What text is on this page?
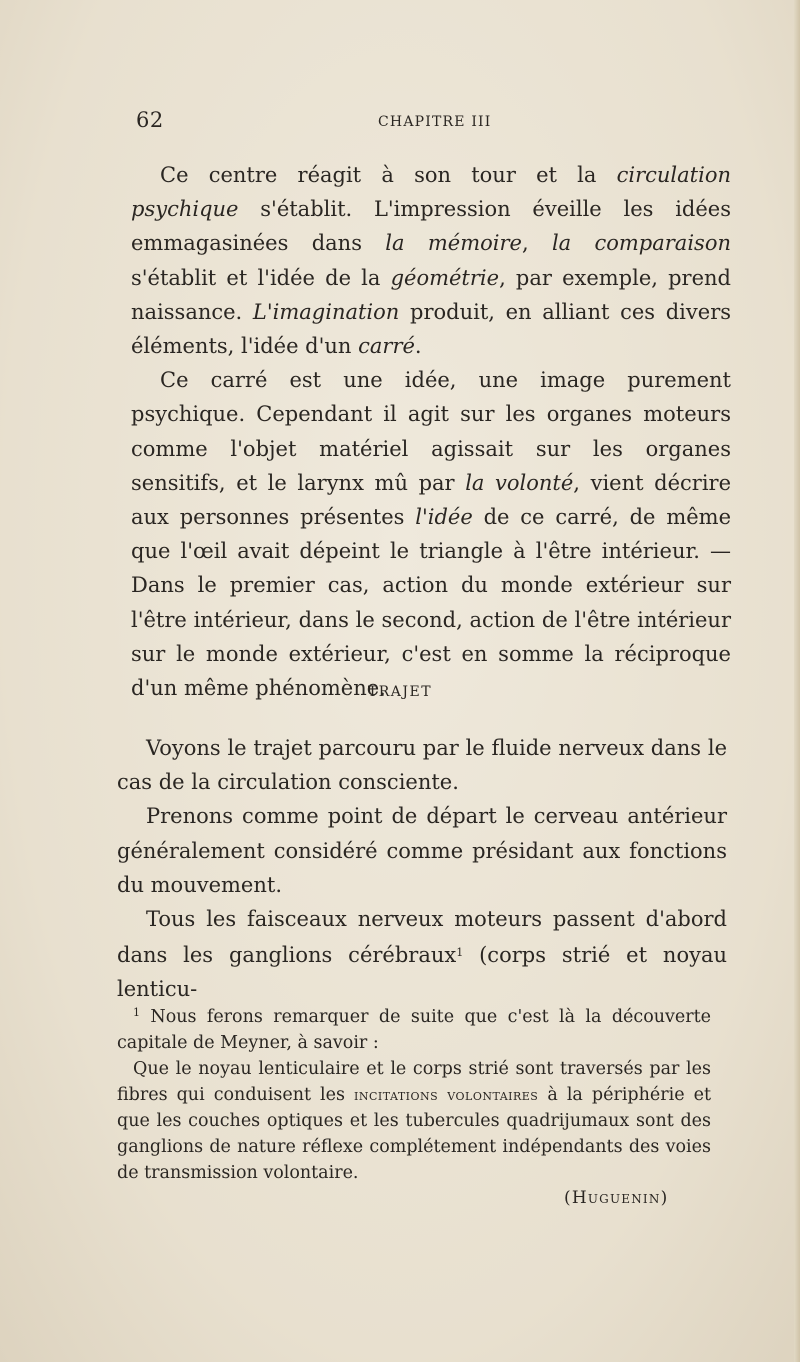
62	CHAPITRE III

Ce centre réagit à son tour et la circulation psychique s'établit. L'impression éveille les idées emmagasinées dans la mémoire, la comparaison s'établit et l'idée de la géométrie, par exemple, prend naissance. L'imagination produit, en alliant ces divers éléments, l'idée d'un carré.

Ce carré est une idée, une image purement psychique. Cependant il agit sur les organes moteurs comme l'objet matériel agissait sur les organes sensitifs, et le larynx mû par la volonté, vient décrire aux personnes présentes l'idée de ce carré, de même que l'œil avait dépeint le triangle à l'être intérieur. — Dans le premier cas, action du monde extérieur sur l'être intérieur, dans le second, action de l'être intérieur sur le monde extérieur, c'est en somme la réciproque d'un même phénomène.

TRAJET

Voyons le trajet parcouru par le fluide nerveux dans le cas de la circulation consciente.

Prenons comme point de départ le cerveau antérieur généralement considéré comme présidant aux fonctions du mouvement.

Tous les faisceaux nerveux moteurs passent d'abord dans les ganglions cérébraux$^1$ (corps strié et noyau lenticu-

$^1$ Nous ferons remarquer de suite que c'est là la découverte capitale de Meyner, à savoir :

Que le noyau lenticulaire et le corps strié sont traversés par les fibres qui conduisent les incitations volontaires à la périphérie et que les couches optiques et les tubercules quadrijumaux sont des ganglions de nature réflexe complétement indépendants des voies de transmission volontaire.

(Huguenin)
